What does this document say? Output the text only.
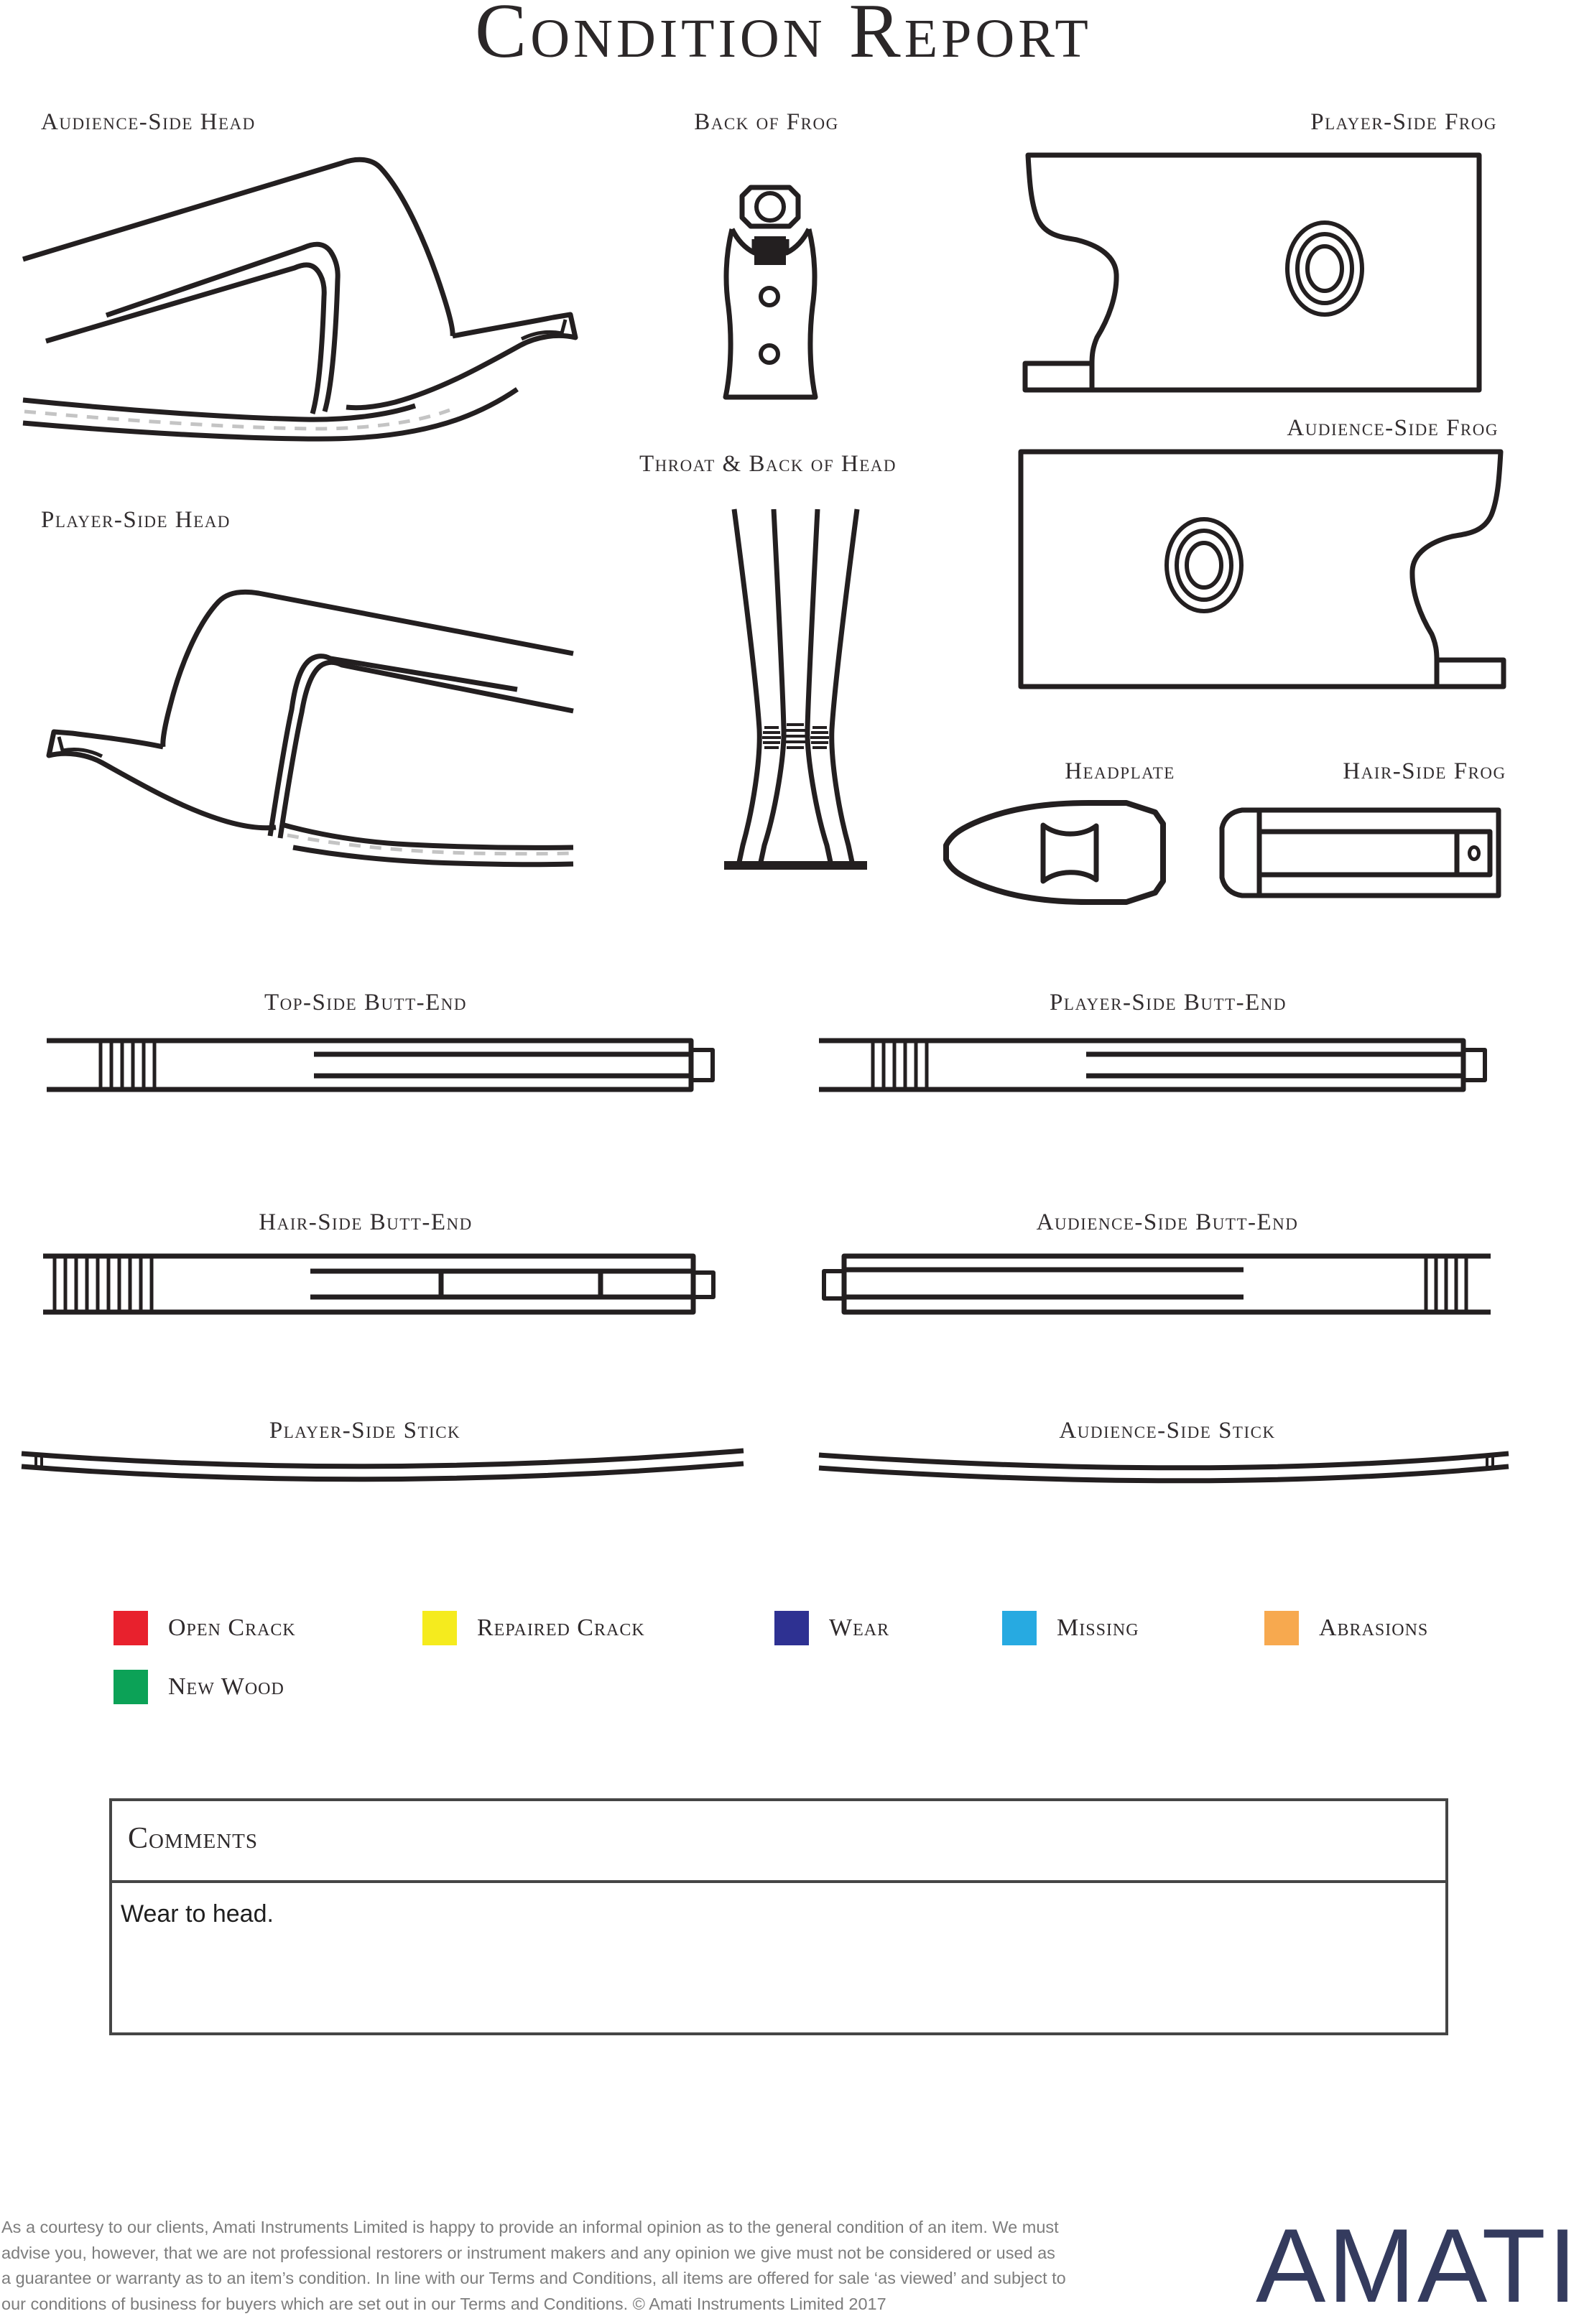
Condition Report
Audience-Side Head	Back of Frog	Player-Side Frog
Audience-Side Frog
Player-Side Head
Throat & Back of Head
Headplate	Hair-Side Frog
Top-Side Butt-End	Player-Side Butt-End
Hair-Side Butt-End	Audience-Side Butt-End
Player-Side Stick	Audience-Side Stick
Open Crack	Repaired Crack	Wear	Missing	Abrasions
New Wood
Comments
Wear to head.
As a courtesy to our clients, Amati Instruments Limited is happy to provide an informal opinion as to the general condition of an item. We must
advise you, however, that we are not professional restorers or instrument makers and any opinion we give must not be considered or used as
a guarantee or warranty as to an item’s condition. In line with our Terms and Conditions, all items are offered for sale ‘as viewed’ and subject to
our conditions of business for buyers which are set out in our Terms and Conditions. © Amati Instruments Limited 2017	AMATI
